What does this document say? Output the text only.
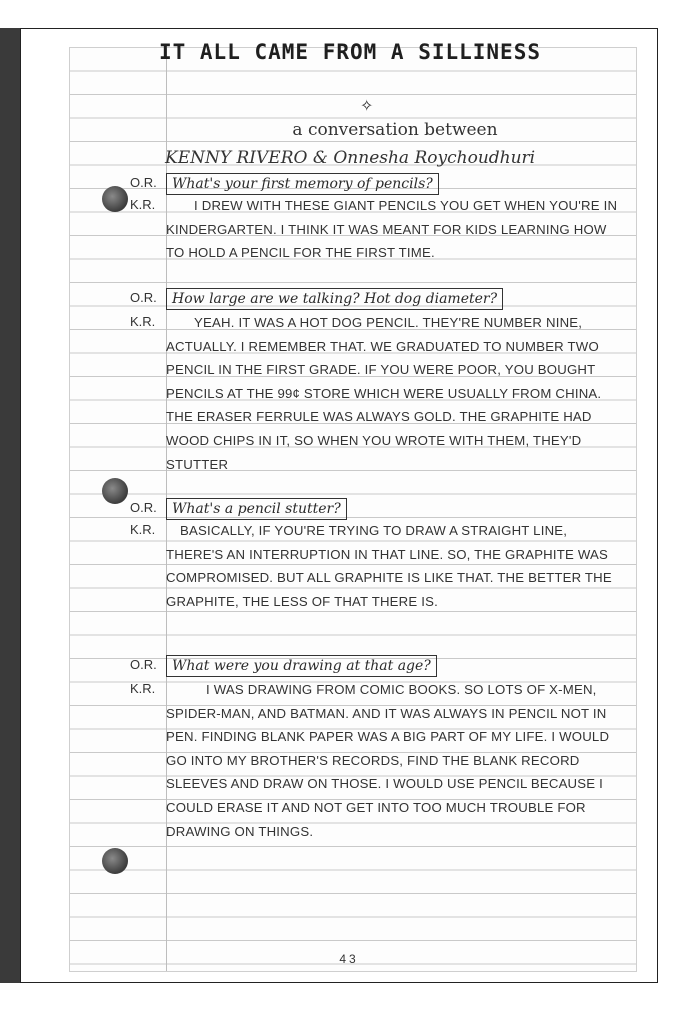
IT ALL CAME FROM A SILLINESS
✧
a conversation between
KENNY RIVERO & Onnesha Roychoudhuri
O.R.	What's your first memory of pencils?
K.R.	I DREW WITH THESE GIANT PENCILS YOU GET WHEN YOU'RE IN KINDERGARTEN. I THINK IT WAS MEANT FOR KIDS LEARNING HOW TO HOLD A PENCIL FOR THE FIRST TIME.
O.R.	How large are we talking? Hot dog diameter?
K.R.	YEAH. IT WAS A HOT DOG PENCIL. THEY'RE NUMBER NINE, ACTUALLY. I REMEMBER THAT. WE GRADUATED TO NUMBER TWO PENCIL IN THE FIRST GRADE. IF YOU WERE POOR, YOU BOUGHT PENCILS AT THE 99¢ STORE WHICH WERE USUALLY FROM CHINA. THE ERASER FERRULE WAS ALWAYS GOLD. THE GRAPHITE HAD WOOD CHIPS IN IT, SO WHEN YOU WROTE WITH THEM, THEY'D STUTTER
O.R.	What's a pencil stutter?
K.R.	BASICALLY, IF YOU'RE TRYING TO DRAW A STRAIGHT LINE, THERE'S AN INTERRUPTION IN THAT LINE. SO, THE GRAPHITE WAS COMPROMISED. BUT ALL GRAPHITE IS LIKE THAT. THE BETTER THE GRAPHITE, THE LESS OF THAT THERE IS.
O.R.	What were you drawing at that age?
K.R.	I WAS DRAWING FROM COMIC BOOKS. SO LOTS OF X-MEN, SPIDER-MAN, AND BATMAN. AND IT WAS ALWAYS IN PENCIL NOT IN PEN. FINDING BLANK PAPER WAS A BIG PART OF MY LIFE. I WOULD GO INTO MY BROTHER'S RECORDS, FIND THE BLANK RECORD SLEEVES AND DRAW ON THOSE. I WOULD USE PENCIL BECAUSE I COULD ERASE IT AND NOT GET INTO TOO MUCH TROUBLE FOR DRAWING ON THINGS.
43
